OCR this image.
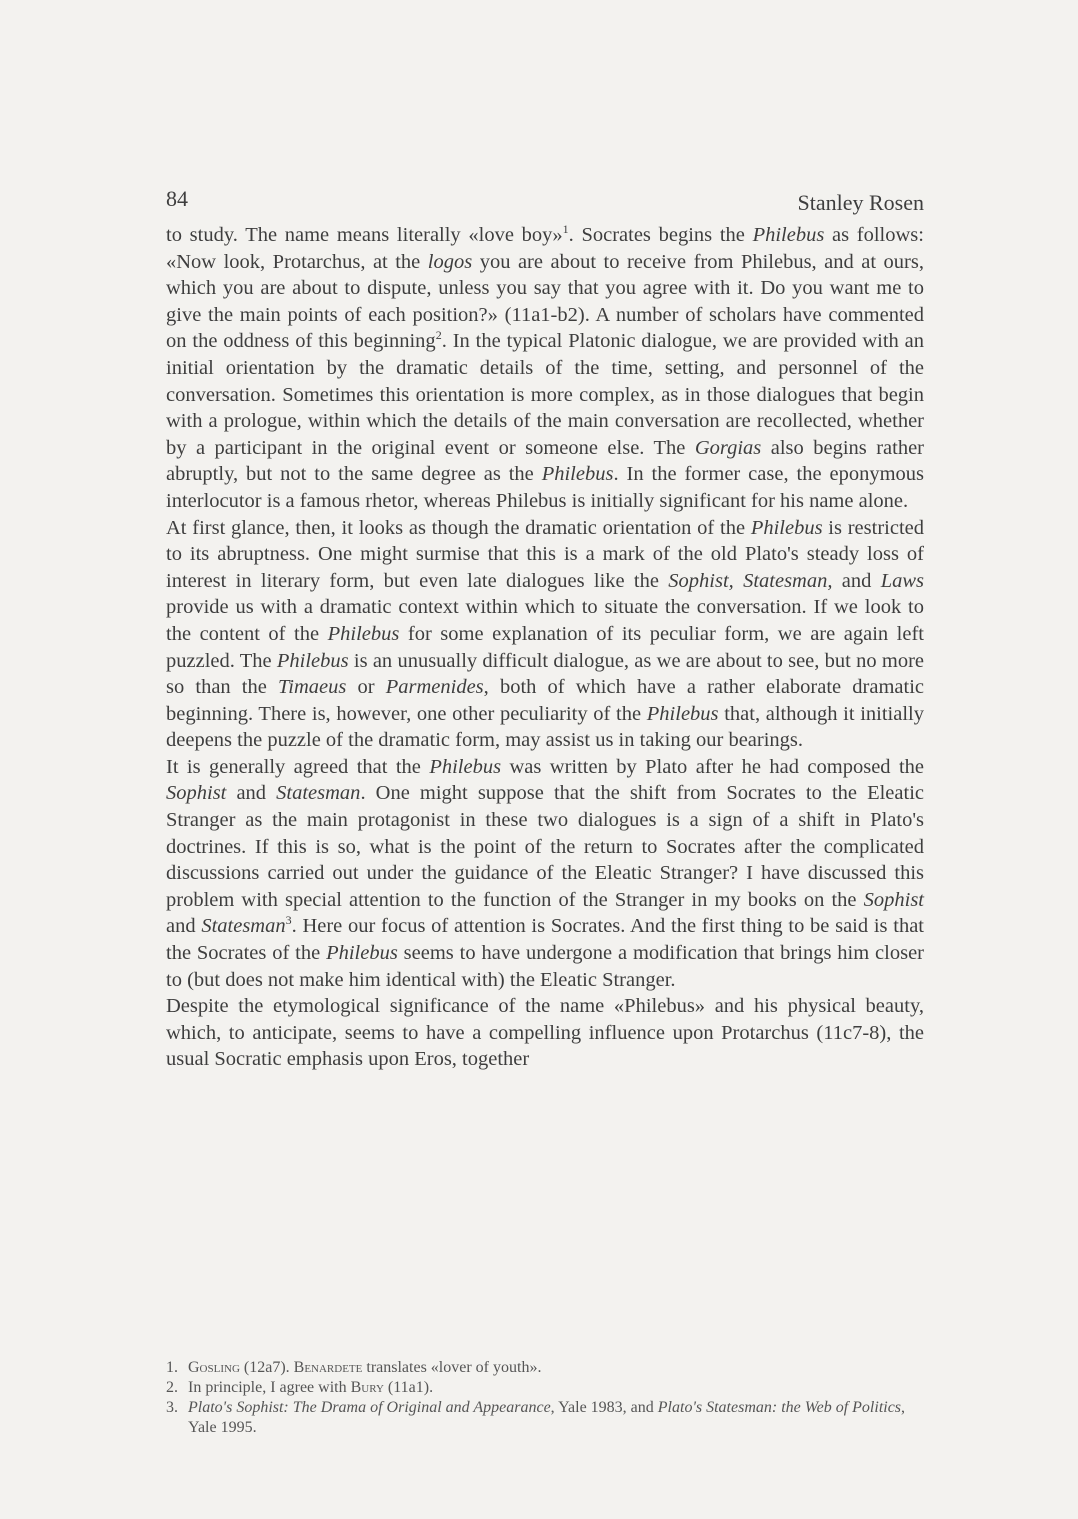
84	Stanley Rosen

to study. The name means literally «love boy»$^1$. Socrates begins the Philebus as follows: «Now look, Protarchus, at the logos you are about to receive from Philebus, and at ours, which you are about to dispute, unless you say that you agree with it. Do you want me to give the main points of each position?» (11a1-b2). A number of scholars have commented on the oddness of this beginning$^2$. In the typical Platonic dialogue, we are provided with an initial orientation by the dramatic details of the time, setting, and personnel of the conversation. Sometimes this orientation is more complex, as in those dialogues that begin with a prologue, within which the details of the main conversation are recollected, whether by a participant in the original event or someone else. The Gorgias also begins rather abruptly, but not to the same degree as the Philebus. In the former case, the eponymous interlocutor is a famous rhetor, whereas Philebus is initially significant for his name alone.

At first glance, then, it looks as though the dramatic orientation of the Philebus is restricted to its abruptness. One might surmise that this is a mark of the old Plato's steady loss of interest in literary form, but even late dialogues like the Sophist, Statesman, and Laws provide us with a dramatic context within which to situate the conversation. If we look to the content of the Philebus for some explanation of its peculiar form, we are again left puzzled. The Philebus is an unusually difficult dialogue, as we are about to see, but no more so than the Timaeus or Parmenides, both of which have a rather elaborate dramatic beginning. There is, however, one other peculiarity of the Philebus that, although it initially deepens the puzzle of the dramatic form, may assist us in taking our bearings.

It is generally agreed that the Philebus was written by Plato after he had composed the Sophist and Statesman. One might suppose that the shift from Socrates to the Eleatic Stranger as the main protagonist in these two dialogues is a sign of a shift in Plato's doctrines. If this is so, what is the point of the return to Socrates after the complicated discussions carried out under the guidance of the Eleatic Stranger? I have discussed this problem with special attention to the function of the Stranger in my books on the Sophist and Statesman$^3$. Here our focus of attention is Socrates. And the first thing to be said is that the Socrates of the Philebus seems to have undergone a modification that brings him closer to (but does not make him identical with) the Eleatic Stranger.

Despite the etymological significance of the name «Philebus» and his physical beauty, which, to anticipate, seems to have a compelling influence upon Protarchus (11c7-8), the usual Socratic emphasis upon Eros, together

1. Gosling (12a7). Benardete translates «lover of youth».
2. In principle, I agree with Bury (11a1).
3. Plato's Sophist: The Drama of Original and Appearance, Yale 1983, and Plato's Statesman: the Web of Politics, Yale 1995.
